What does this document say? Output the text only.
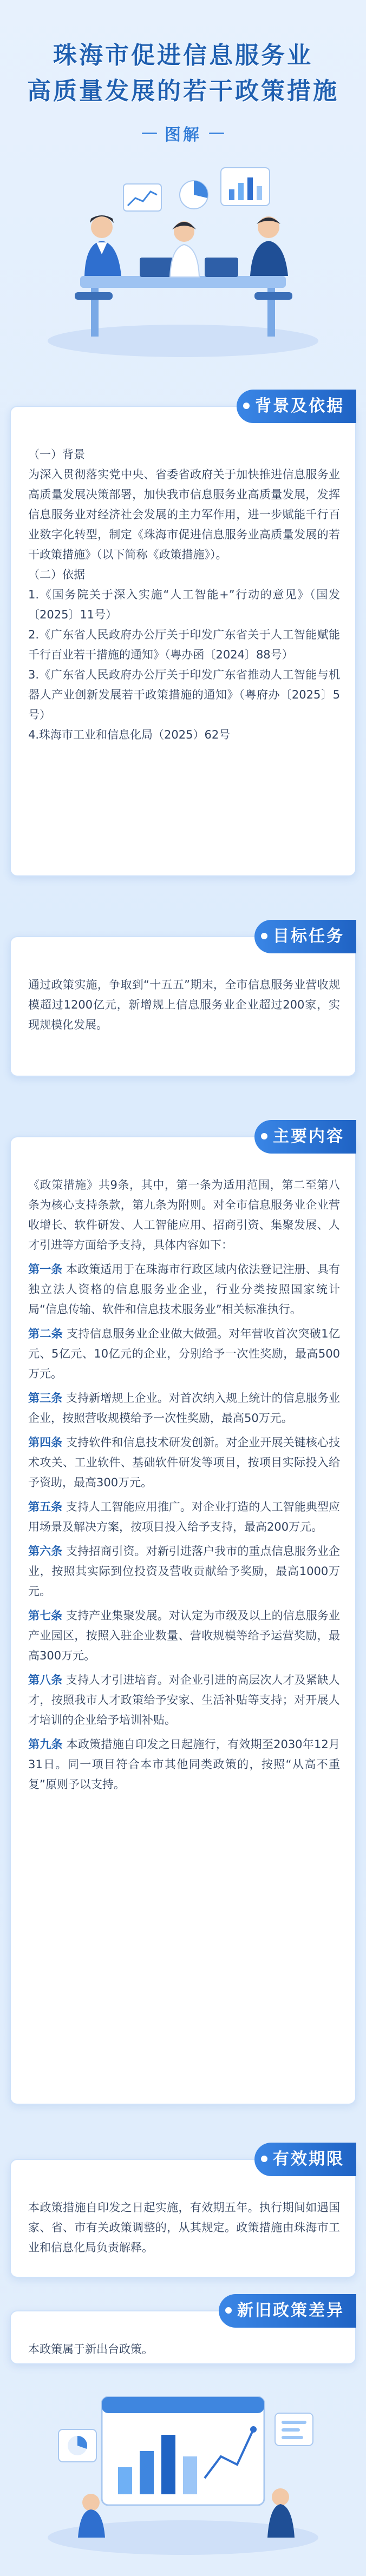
珠海市促进信息服务业
高质量发展的若干政策措施
图解
背景及依据

（一）背景

为深入贯彻落实党中央、省委省政府关于加快推进信息服务业高质量发展决策部署，加快我市信息服务业高质量发展，发挥信息服务业对经济社会发展的主力军作用，进一步赋能千行百业数字化转型，制定《珠海市促进信息服务业高质量发展的若干政策措施》（以下简称《政策措施》）。

（二）依据

1.《国务院关于深入实施“人工智能+”行动的意见》（国发〔2025〕11号）

2.《广东省人民政府办公厅关于印发广东省关于人工智能赋能千行百业若干措施的通知》（粤办函〔2024〕88号）

3.《广东省人民政府办公厅关于印发广东省推动人工智能与机器人产业创新发展若干政策措施的通知》（粤府办〔2025〕5号）

4.珠海市工业和信息化局（2025）62号

目标任务

通过政策实施，争取到“十五五”期末，全市信息服务业营收规模超过1200亿元，新增规上信息服务业企业超过200家，实现规模化发展。

主要内容

《政策措施》共9条，其中，第一条为适用范围，第二至第八条为核心支持条款，第九条为附则。对全市信息服务业企业营收增长、软件研发、人工智能应用、招商引资、集聚发展、人才引进等方面给予支持，具体内容如下：

第一条 本政策适用于在珠海市行政区域内依法登记注册、具有独立法人资格的信息服务业企业，行业分类按照国家统计局“信息传输、软件和信息技术服务业”相关标准执行。

第二条 支持信息服务业企业做大做强。对年营收首次突破1亿元、5亿元、10亿元的企业，分别给予一次性奖励，最高500万元。

第三条 支持新增规上企业。对首次纳入规上统计的信息服务业企业，按照营收规模给予一次性奖励，最高50万元。

第四条 支持软件和信息技术研发创新。对企业开展关键核心技术攻关、工业软件、基础软件研发等项目，按项目实际投入给予资助，最高300万元。

第五条 支持人工智能应用推广。对企业打造的人工智能典型应用场景及解决方案，按项目投入给予支持，最高200万元。

第六条 支持招商引资。对新引进落户我市的重点信息服务业企业，按照其实际到位投资及营收贡献给予奖励，最高1000万元。

第七条 支持产业集聚发展。对认定为市级及以上的信息服务业产业园区，按照入驻企业数量、营收规模等给予运营奖励，最高300万元。

第八条 支持人才引进培育。对企业引进的高层次人才及紧缺人才，按照我市人才政策给予安家、生活补贴等支持；对开展人才培训的企业给予培训补贴。

第九条 本政策措施自印发之日起施行，有效期至2030年12月31日。同一项目符合本市其他同类政策的，按照“从高不重复”原则予以支持。

有效期限

本政策措施自印发之日起实施，有效期五年。执行期间如遇国家、省、市有关政策调整的，从其规定。政策措施由珠海市工业和信息化局负责解释。

新旧政策差异

本政策属于新出台政策。
